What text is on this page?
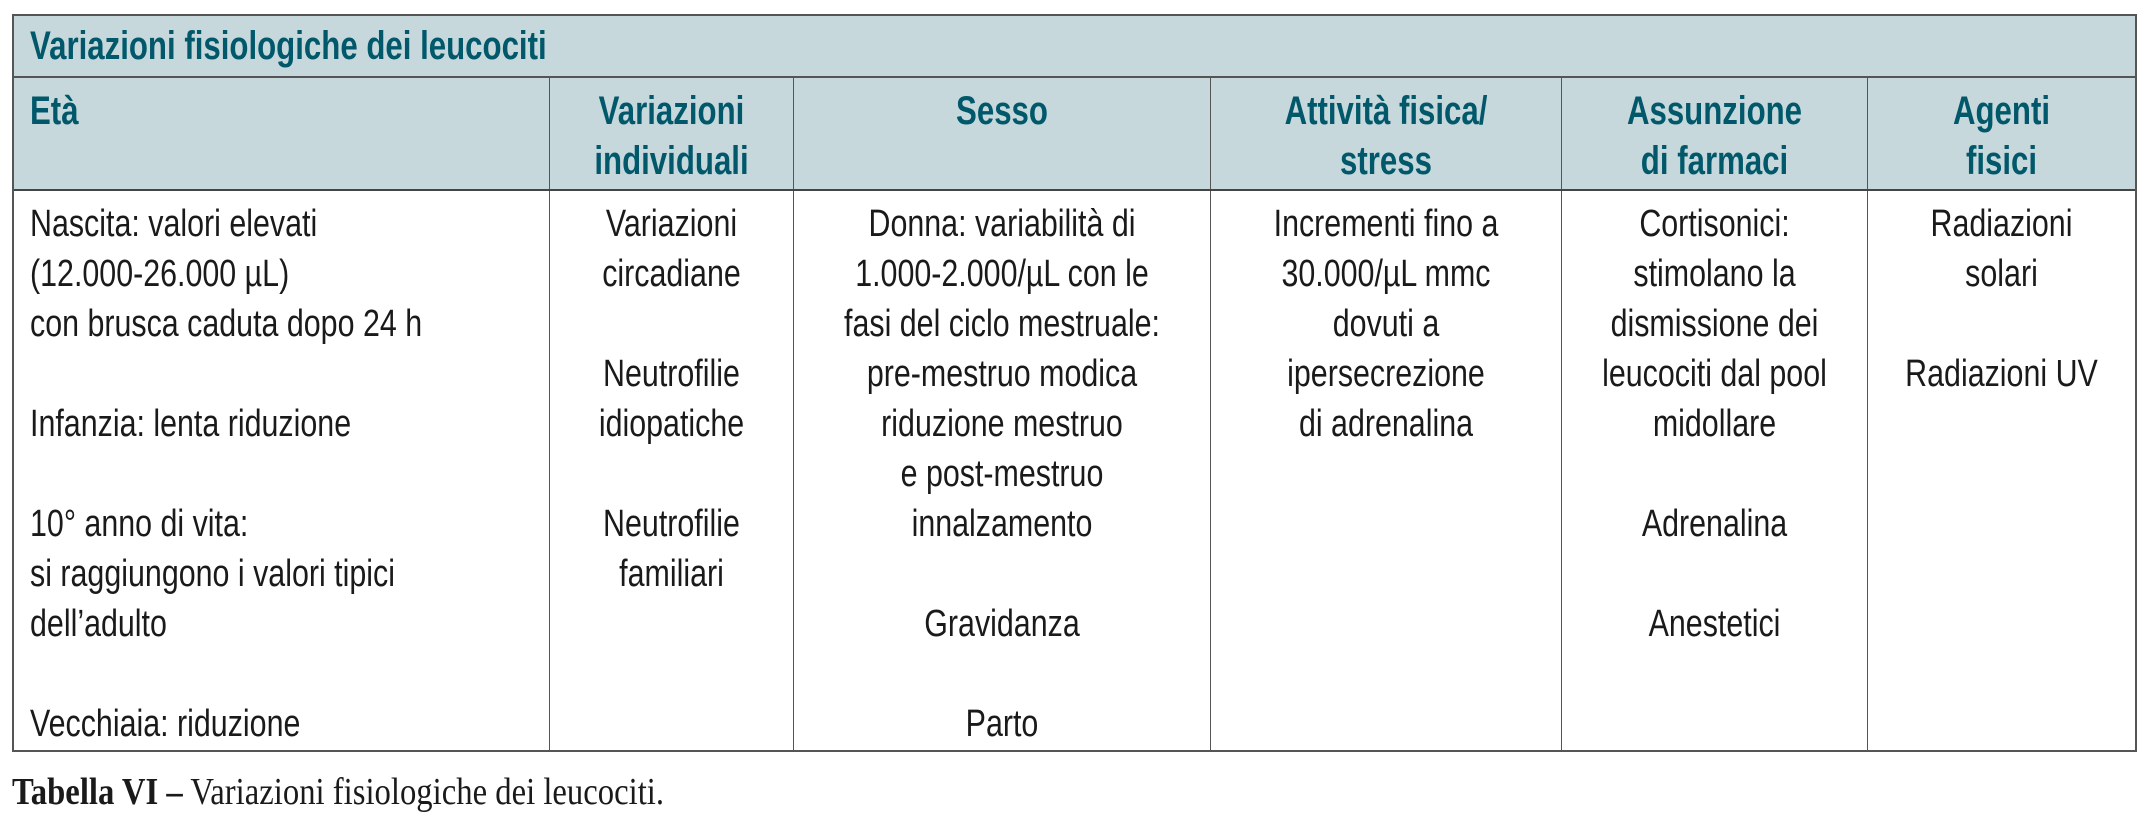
Variazioni fisiologiche dei leucociti
Età	Variazioni
individuali
Sesso	Attività fisica/
stress
Assunzione
di farmaci
Agenti
fisici
Nascita: valori elevati
(12.000-26.000 µL)
con brusca caduta dopo 24 h
Infanzia: lenta riduzione
10° anno di vita:
si raggiungono i valori tipici
dell’adulto
Vecchiaia: riduzione
Variazioni
circadiane
Neutrofilie
idiopatiche
Neutrofilie
familiari
Donna: variabilità di
1.000-2.000/µL con le
fasi del ciclo mestruale:
pre-mestruo modica
riduzione mestruo
e post-mestruo
innalzamento
Gravidanza
Parto
Incrementi fino a
30.000/µL mmc
dovuti a
ipersecrezione
di adrenalina
Cortisonici:
stimolano la
dismissione dei
leucociti dal pool
midollare
Adrenalina
Anestetici
Radiazioni
solari
Radiazioni UV
Tabella VI – Variazioni fisiologiche dei leucociti.
